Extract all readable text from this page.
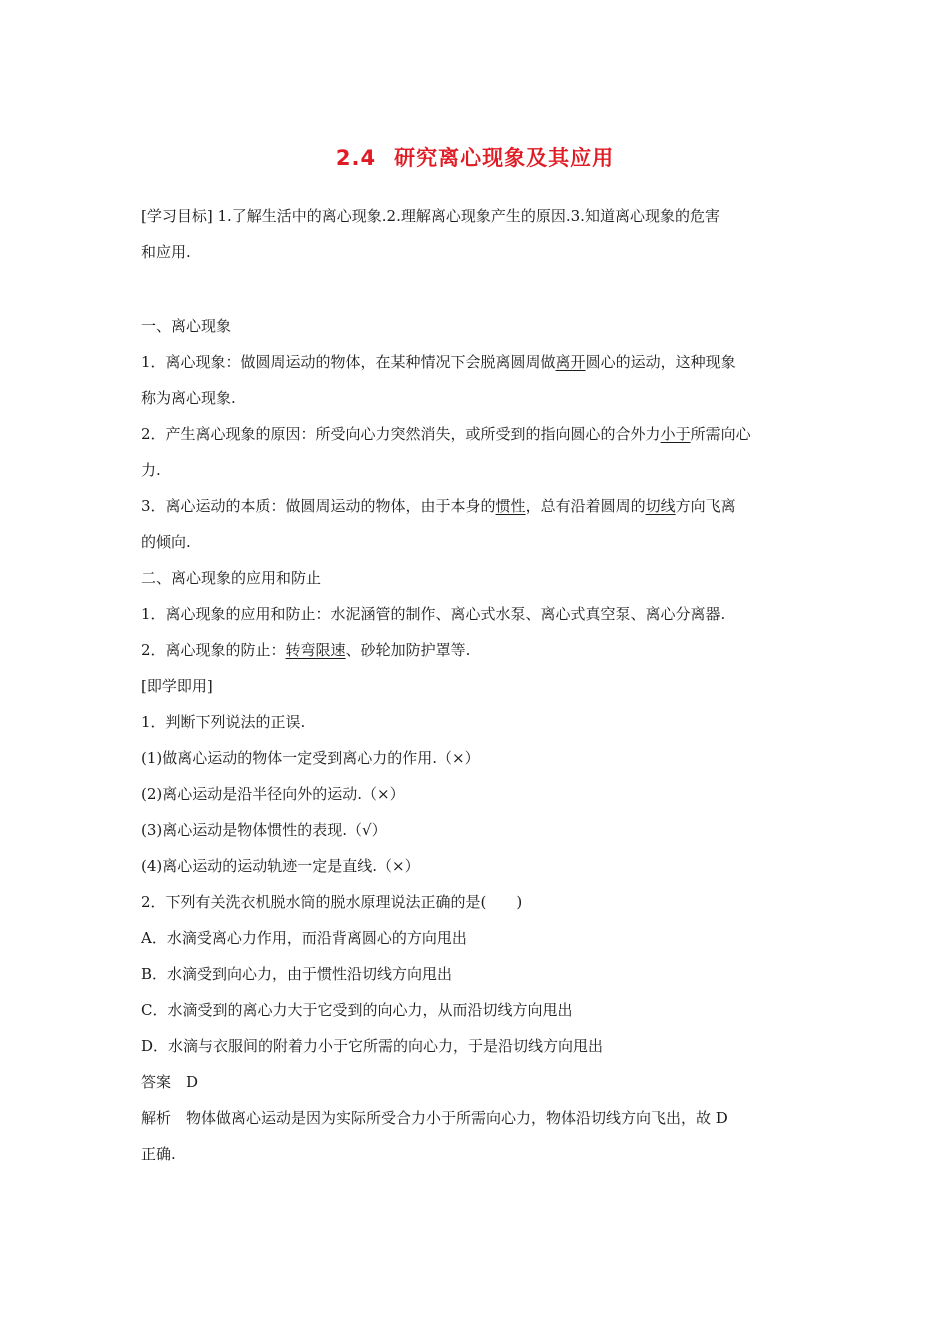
2.4 研究离心现象及其应用

[学习目标] 1.了解生活中的离心现象.2.理解离心现象产生的原因.3.知道离心现象的危害

和应用.

一、离心现象

1．离心现象：做圆周运动的物体，在某种情况下会脱离圆周做离开圆心的运动，这种现象

称为离心现象.

2．产生离心现象的原因：所受向心力突然消失，或所受到的指向圆心的合外力小于所需向心

力.

3．离心运动的本质：做圆周运动的物体，由于本身的惯性，总有沿着圆周的切线方向飞离

的倾向.

二、离心现象的应用和防止

1．离心现象的应用和防止：水泥涵管的制作、离心式水泵、离心式真空泵、离心分离器.

2．离心现象的防止：转弯限速、砂轮加防护罩等.

[即学即用]

1．判断下列说法的正误.

(1)做离心运动的物体一定受到离心力的作用.（×）

(2)离心运动是沿半径向外的运动.（×）

(3)离心运动是物体惯性的表现.（√）

(4)离心运动的运动轨迹一定是直线.（×）

2．下列有关洗衣机脱水筒的脱水原理说法正确的是(　　)

A．水滴受离心力作用，而沿背离圆心的方向甩出

B．水滴受到向心力，由于惯性沿切线方向甩出

C．水滴受到的离心力大于它受到的向心力，从而沿切线方向甩出

D．水滴与衣服间的附着力小于它所需的向心力，于是沿切线方向甩出

答案　D

解析　物体做离心运动是因为实际所受合力小于所需向心力，物体沿切线方向飞出，故 D

正确.
